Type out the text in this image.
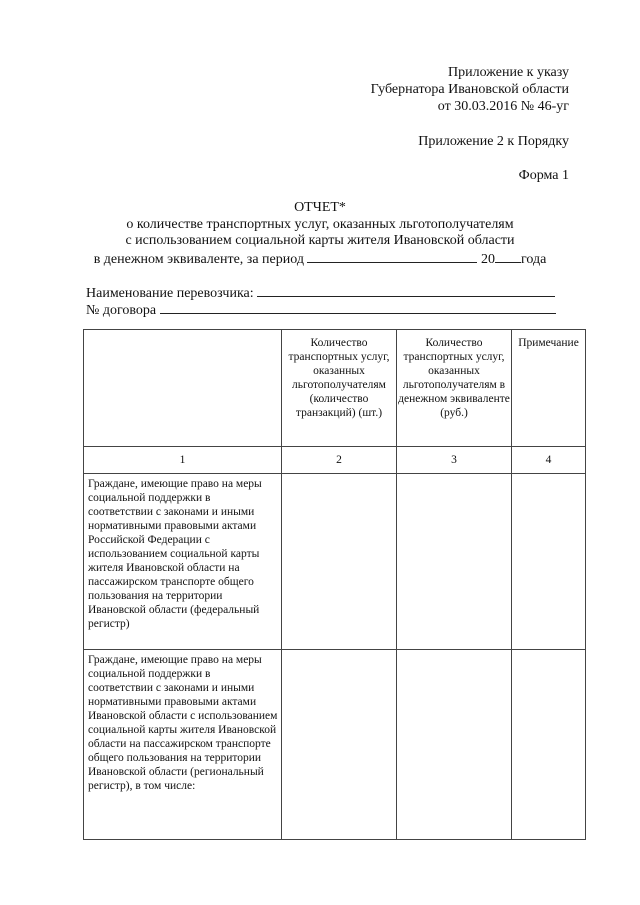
Приложение к указу
Губернатора Ивановской области
от 30.03.2016 № 46-уг
Приложение 2 к Порядку
Форма 1
ОТЧЕТ*
о количестве транспортных услуг, оказанных льготополучателям
с использованием социальной карты жителя Ивановской области
в денежном эквиваленте, за период	20 года
Наименование перевозчика:
№ договора
	Количество транспортных услуг, оказанных льготополучателям (количество транзакций) (шт.)	Количество транспортных услуг, оказанных льготополучателям в денежном эквиваленте (руб.)	Примечание
1	2	3	4
Граждане, имеющие право на меры социальной поддержки в соответствии с законами и иными нормативными правовыми актами Российской Федерации с использованием социальной карты жителя Ивановской области на пассажирском транспорте общего пользования на территории Ивановской области (федеральный регистр)			
Граждане, имеющие право на меры социальной поддержки в соответствии с законами и иными нормативными правовыми актами Ивановской области с использованием социальной карты жителя Ивановской области на пассажирском транспорте общего пользования на территории Ивановской области (региональный регистр), в том числе:			
